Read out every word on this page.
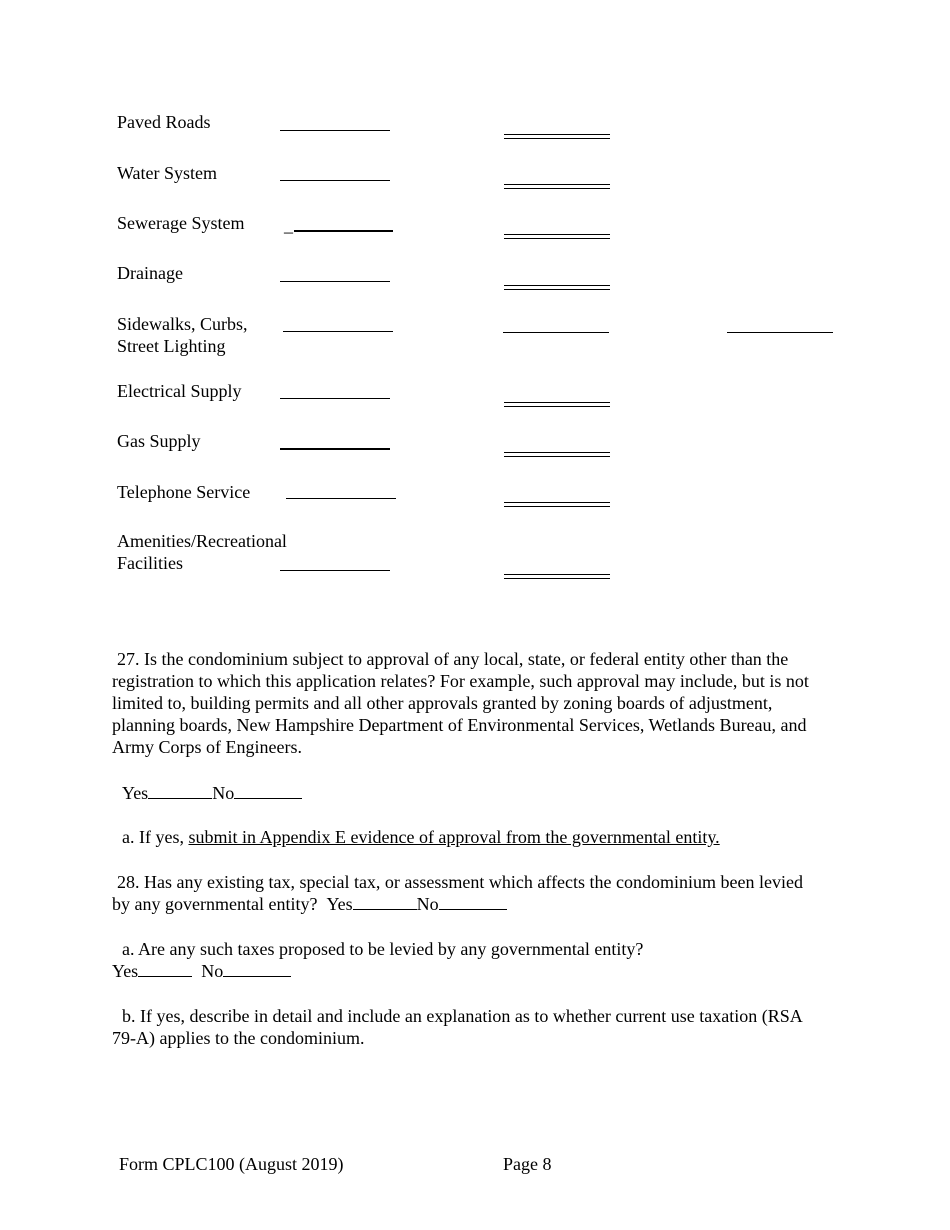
Paved Roads
Water System
Sewerage System _
Drainage
Sidewalks, Curbs,
Street Lighting
Electrical Supply
Gas Supply
Telephone Service
Amenities/Recreational
Facilities
27. Is the condominium subject to approval of any local, state, or federal entity other than the registration to which this application relates? For example, such approval may include, but is not limited to, building permits and all other approvals granted by zoning boards of adjustment, planning boards, New Hampshire Department of Environmental Services, Wetlands Bureau, and Army Corps of Engineers.
Yes	No
a. If yes, submit in Appendix E evidence of approval from the governmental entity.
28. Has any existing tax, special tax, or assessment which affects the condominium been levied by any governmental entity? Yes	No
a. Are any such taxes proposed to be levied by any governmental entity?
Yes	No
b. If yes, describe in detail and include an explanation as to whether current use taxation (RSA 79-A) applies to the condominium.
Form CPLC100 (August 2019)	Page 8
